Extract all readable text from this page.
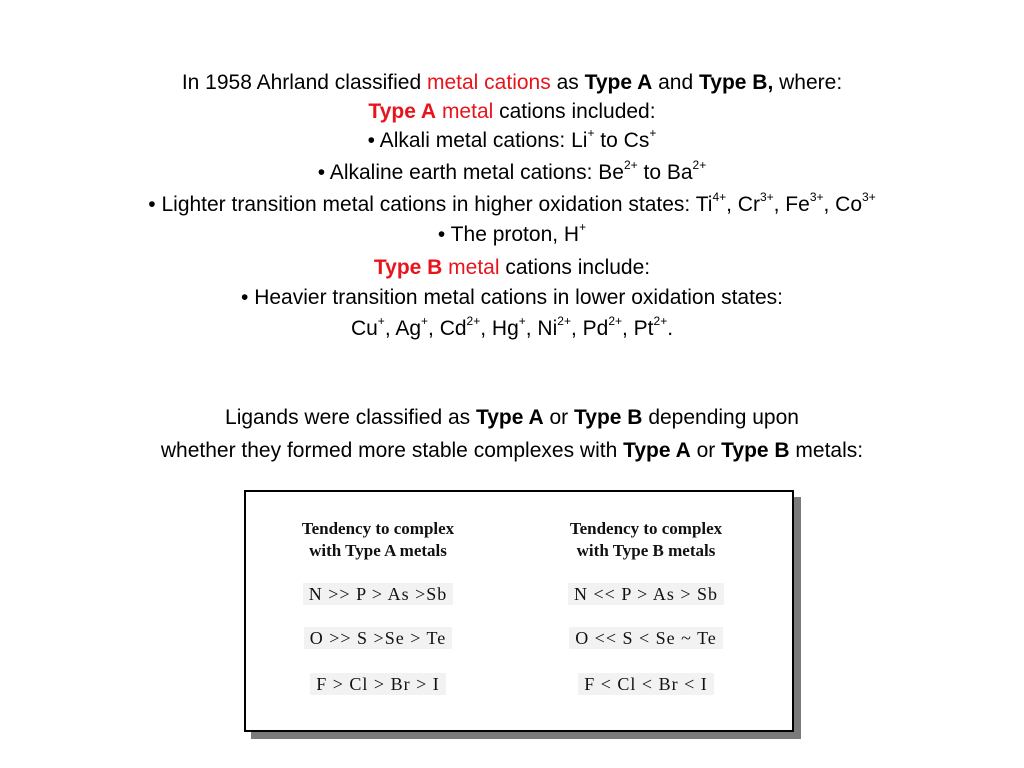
In 1958 Ahrland classified metal cations as Type A and Type B, where:
Type A metal cations included:
• Alkali metal cations: Li+ to Cs+
• Alkaline earth metal cations: $Be^{2+}$ to $Ba^{2+}$
• Lighter transition metal cations in higher oxidation states: $Ti^{4+}$, $Cr^{3+}$, $Fe^{3+}$, $Co^{3+}$
• The proton, H+
Type B metal cations include:
• Heavier transition metal cations in lower oxidation states:
Cu+, Ag+, $Cd^{2+}$, Hg+, $Ni^{2+}$, $Pd^{2+}$, $Pt^{2+}$.
Ligands were classified as Type A or Type B depending upon
whether they formed more stable complexes with Type A or Type B metals:
Tendency to complex
with Type A metals
N >> P > As >Sb
O >> S >Se > Te
F > Cl > Br > I
Tendency to complex
with Type B metals
N << P > As > Sb
O << S < Se ~ Te
F < Cl < Br < I
